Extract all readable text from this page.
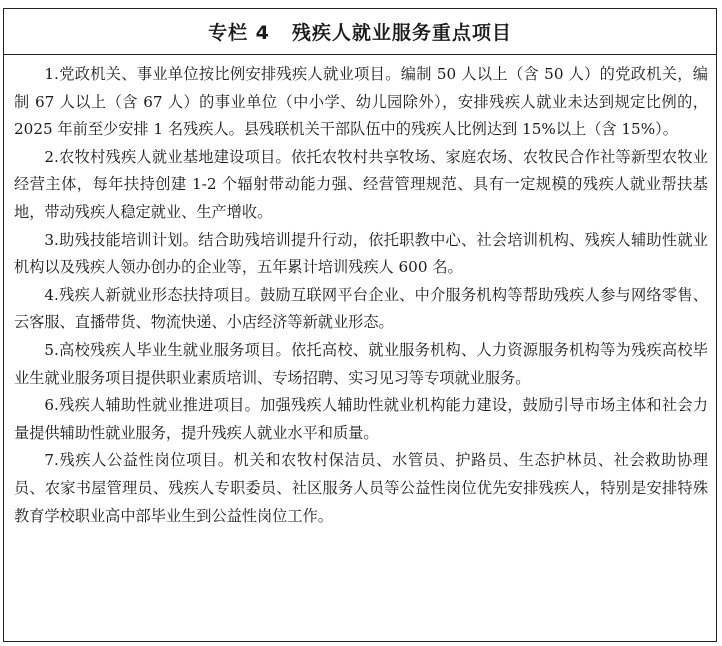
专栏 4 残疾人就业服务重点项目

1.党政机关、事业单位按比例安排残疾人就业项目。编制 50 人以上（含 50 人）的党政机关，编制 67 人以上（含 67 人）的事业单位（中小学、幼儿园除外），安排残疾人就业未达到规定比例的，2025 年前至少安排 1 名残疾人。县残联机关干部队伍中的残疾人比例达到 15%以上（含 15%）。

2.农牧村残疾人就业基地建设项目。依托农牧村共享牧场、家庭农场、农牧民合作社等新型农牧业经营主体，每年扶持创建 1-2 个辐射带动能力强、经营管理规范、具有一定规模的残疾人就业帮扶基地，带动残疾人稳定就业、生产增收。

3.助残技能培训计划。结合助残培训提升行动，依托职教中心、社会培训机构、残疾人辅助性就业机构以及残疾人领办创办的企业等，五年累计培训残疾人 600 名。

4.残疾人新就业形态扶持项目。鼓励互联网平台企业、中介服务机构等帮助残疾人参与网络零售、云客服、直播带货、物流快递、小店经济等新就业形态。

5.高校残疾人毕业生就业服务项目。依托高校、就业服务机构、人力资源服务机构等为残疾高校毕业生就业服务项目提供职业素质培训、专场招聘、实习见习等专项就业服务。

6.残疾人辅助性就业推进项目。加强残疾人辅助性就业机构能力建设，鼓励引导市场主体和社会力量提供辅助性就业服务，提升残疾人就业水平和质量。

7.残疾人公益性岗位项目。机关和农牧村保洁员、水管员、护路员、生态护林员、社会救助协理员、农家书屋管理员、残疾人专职委员、社区服务人员等公益性岗位优先安排残疾人，特别是安排特殊教育学校职业高中部毕业生到公益性岗位工作。
